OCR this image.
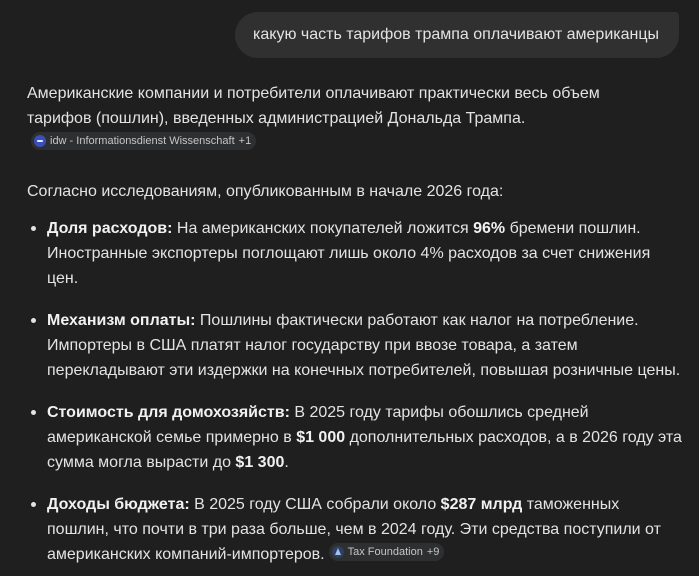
какую часть тарифов трампа оплачивают американцы

Американские компании и потребители оплачивают практически весь объем тарифов (пошлин), введенных администрацией Дональда Трампа.
idw - Informationsdienst Wissenschaft +1

Согласно исследованиям, опубликованным в начале 2026 года:

Доля расходов: На американских покупателей ложится 96% бремени пошлин. Иностранные экспортеры поглощают лишь около 4% расходов за счет снижения цен.
Механизм оплаты: Пошлины фактически работают как налог на потребление. Импортеры в США платят налог государству при ввозе товара, а затем перекладывают эти издержки на конечных потребителей, повышая розничные цены.
Стоимость для домохозяйств: В 2025 году тарифы обошлись средней американской семье примерно в $1 000 дополнительных расходов, а в 2026 году эта сумма могла вырасти до $1 300.
Доходы бюджета: В 2025 году США собрали около $287 млрд таможенных пошлин, что почти в три раза больше, чем в 2024 году. Эти средства поступили от американских компаний-импортеров. Tax Foundation +9
